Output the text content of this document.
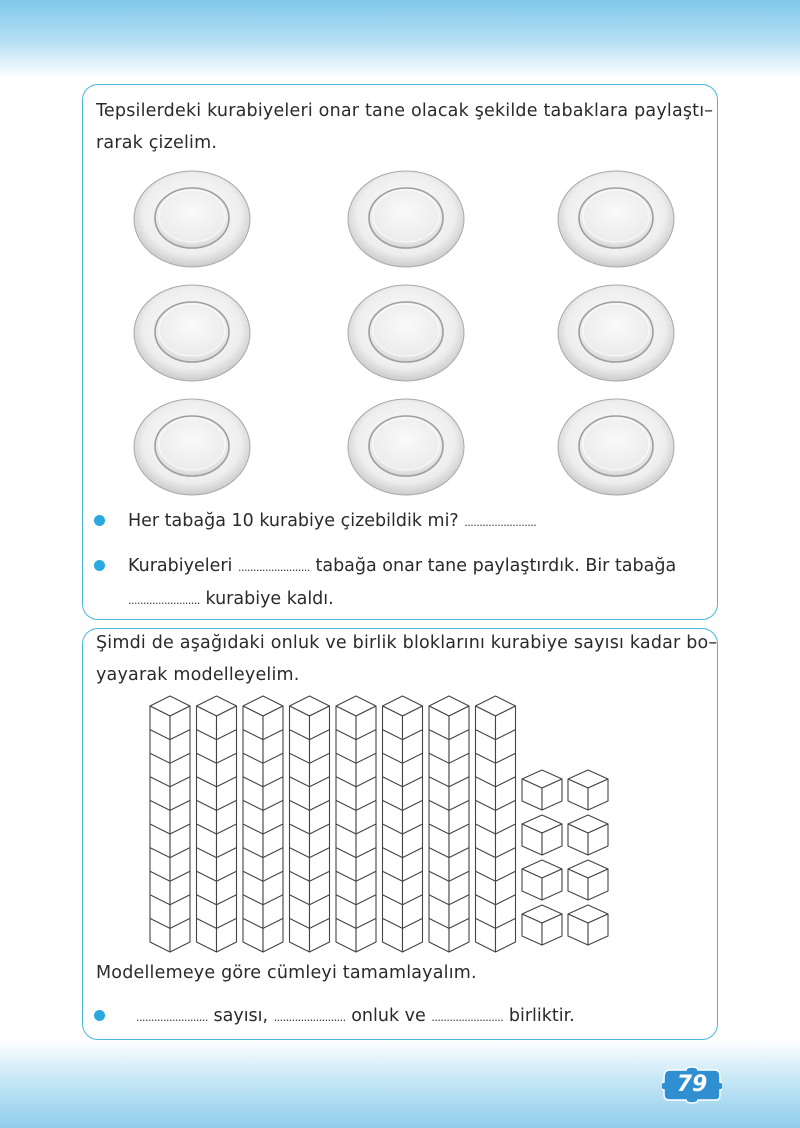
Tepsilerdeki kurabiyeleri onar tane olacak şekilde tabaklara paylaştı–

rarak çizelim.

Her tabağa 10 kurabiye çizebildik mi? ........................
Kurabiyeleri ........................ tabağa onar tane paylaştırdık. Bir tabağa
........................ kurabiye kaldı.

Şimdi de aşağıdaki onluk ve birlik bloklarını kurabiye sayısı kadar bo–

yayarak modelleyelim.

Modellemeye göre cümleyi tamamlayalım.

........................ sayısı, ........................ onluk ve ........................ birliktir.
79
